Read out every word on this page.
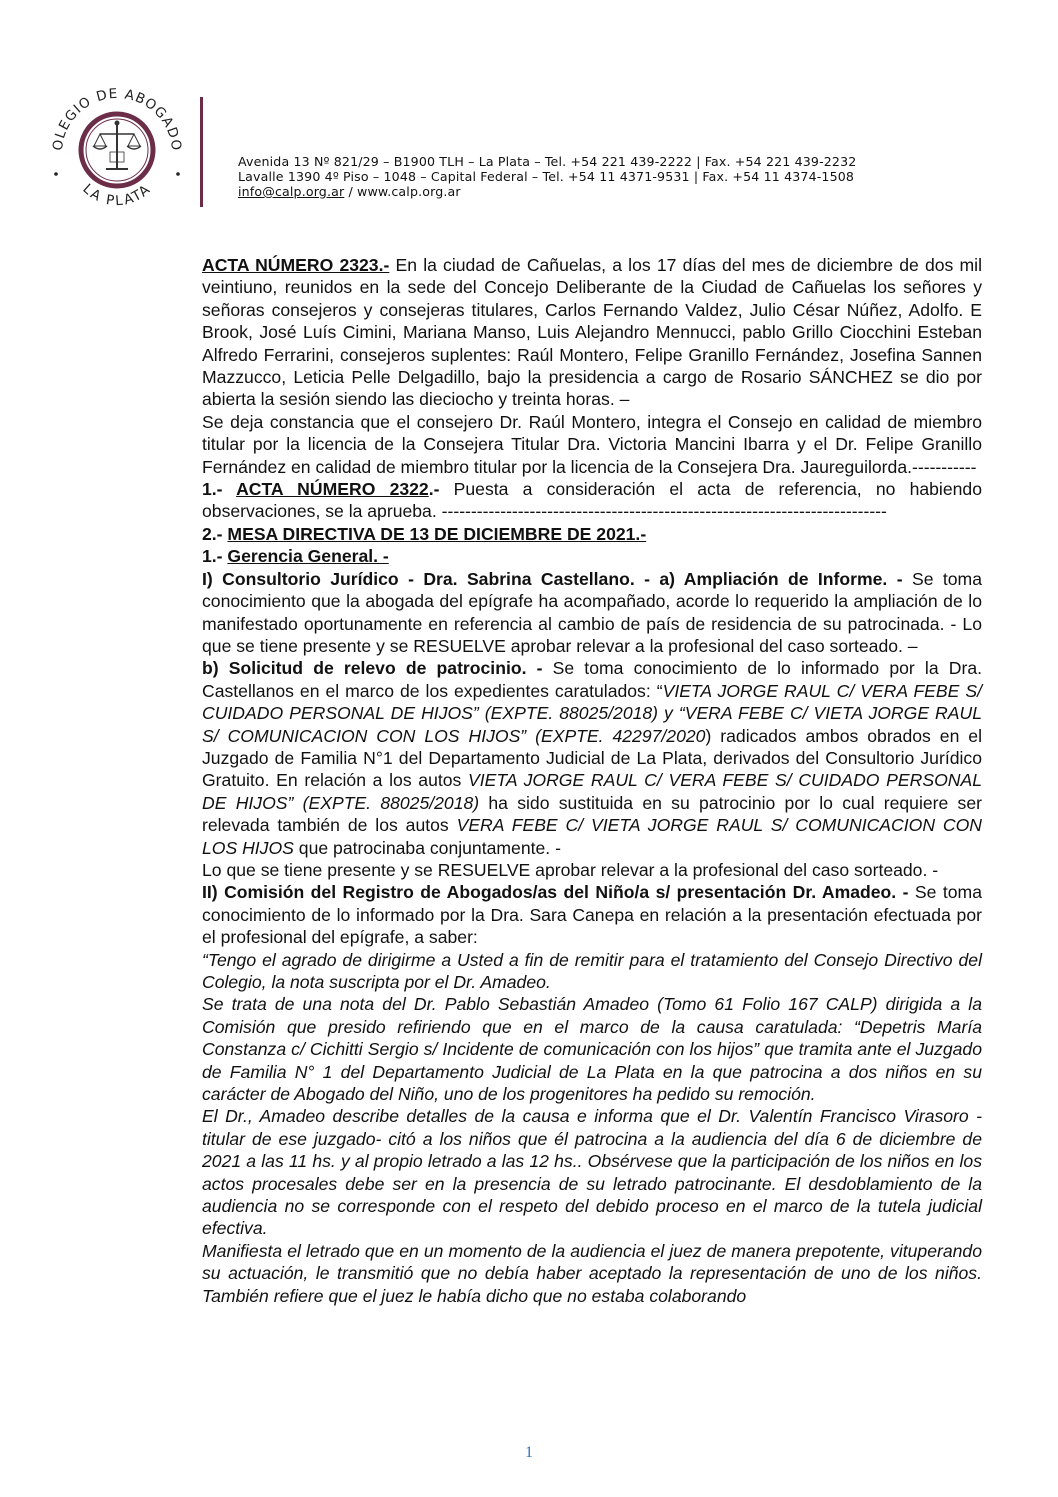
OLEGIO DE ABOGADO
LA PLATA
Avenida 13 Nº 821/29 – B1900 TLH – La Plata – Tel. +54 221 439-2222 | Fax. +54 221 439-2232
Lavalle 1390 4º Piso – 1048 – Capital Federal – Tel. +54 11 4371-9531 | Fax. +54 11 4374-1508
info@calp.org.ar / www.calp.org.ar

ACTA NÚMERO 2323.- En la ciudad de Cañuelas, a los 17 días del mes de diciembre de dos mil veintiuno, reunidos en la sede del Concejo Deliberante de la Ciudad de Cañuelas los señores y señoras consejeros y consejeras titulares, Carlos Fernando Valdez, Julio César Núñez, Adolfo. E Brook, José Luís Cimini, Mariana Manso, Luis Alejandro Mennucci, pablo Grillo Ciocchini Esteban Alfredo Ferrarini, consejeros suplentes: Raúl Montero, Felipe Granillo Fernández, Josefina Sannen Mazzucco, Leticia Pelle Delgadillo, bajo la presidencia a cargo de Rosario SÁNCHEZ se dio por abierta la sesión siendo las dieciocho y treinta horas. –

Se deja constancia que el consejero Dr. Raúl Montero, integra el Consejo en calidad de miembro titular por la licencia de la Consejera Titular Dra. Victoria Mancini Ibarra y el Dr. Felipe Granillo Fernández en calidad de miembro titular por la licencia de la Consejera Dra. Jaureguilorda.-----------

1.- ACTA NÚMERO 2322.- Puesta a consideración el acta de referencia, no habiendo observaciones, se la aprueba. ----------------------------------------------------------------------------

2.- MESA DIRECTIVA DE 13 DE DICIEMBRE DE 2021.-

1.- Gerencia General. -

I) Consultorio Jurídico - Dra. Sabrina Castellano. - a) Ampliación de Informe. - Se toma conocimiento que la abogada del epígrafe ha acompañado, acorde lo requerido la ampliación de lo manifestado oportunamente en referencia al cambio de país de residencia de su patrocinada. - Lo que se tiene presente y se RESUELVE aprobar relevar a la profesional del caso sorteado. –

b) Solicitud de relevo de patrocinio. - Se toma conocimiento de lo informado por la Dra. Castellanos en el marco de los expedientes caratulados: “VIETA JORGE RAUL C/ VERA FEBE S/ CUIDADO PERSONAL DE HIJOS” (EXPTE. 88025/2018) y “VERA FEBE C/ VIETA JORGE RAUL S/ COMUNICACION CON LOS HIJOS” (EXPTE. 42297/2020) radicados ambos obrados en el Juzgado de Familia N°1 del Departamento Judicial de La Plata, derivados del Consultorio Jurídico Gratuito. En relación a los autos VIETA JORGE RAUL C/ VERA FEBE S/ CUIDADO PERSONAL DE HIJOS” (EXPTE. 88025/2018) ha sido sustituida en su patrocinio por lo cual requiere ser relevada también de los autos VERA FEBE C/ VIETA JORGE RAUL S/ COMUNICACION CON LOS HIJOS que patrocinaba conjuntamente. -

Lo que se tiene presente y se RESUELVE aprobar relevar a la profesional del caso sorteado. -

II) Comisión del Registro de Abogados/as del Niño/a s/ presentación Dr. Amadeo. - Se toma conocimiento de lo informado por la Dra. Sara Canepa en relación a la presentación efectuada por el profesional del epígrafe, a saber:

“Tengo el agrado de dirigirme a Usted a fin de remitir para el tratamiento del Consejo Directivo del Colegio, la nota suscripta por el Dr. Amadeo.

Se trata de una nota del Dr. Pablo Sebastián Amadeo (Tomo 61 Folio 167 CALP) dirigida a la Comisión que presido refiriendo que en el marco de la causa caratulada: “Depetris María Constanza c/ Cichitti Sergio s/ Incidente de comunicación con los hijos” que tramita ante el Juzgado de Familia N° 1 del Departamento Judicial de La Plata en la que patrocina a dos niños en su carácter de Abogado del Niño, uno de los progenitores ha pedido su remoción.

El Dr., Amadeo describe detalles de la causa e informa que el Dr. Valentín Francisco Virasoro - titular de ese juzgado- citó a los niños que él patrocina a la audiencia del día 6 de diciembre de 2021 a las 11 hs. y al propio letrado a las 12 hs.. Obsérvese que la participación de los niños en los actos procesales debe ser en la presencia de su letrado patrocinante. El desdoblamiento de la audiencia no se corresponde con el respeto del debido proceso en el marco de la tutela judicial efectiva.

Manifiesta el letrado que en un momento de la audiencia el juez de manera prepotente, vituperando su actuación, le transmitió que no debía haber aceptado la representación de uno de los niños. También refiere que el juez le había dicho que no estaba colaborando

1
